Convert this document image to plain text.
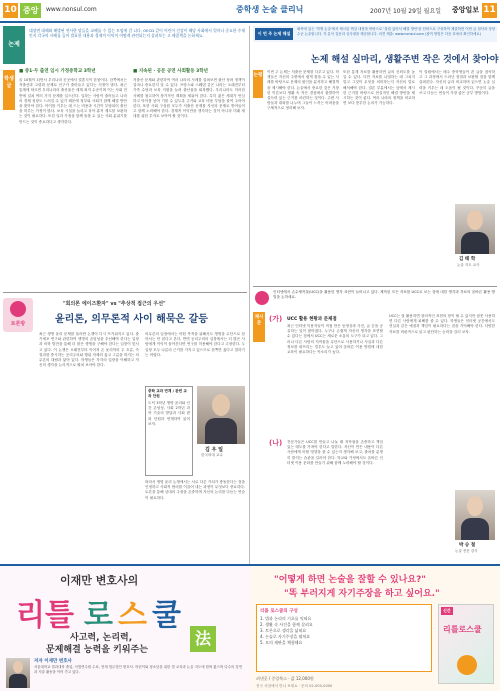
10 중앙	www.nonsul.com	중학생 논술 클리닉	2007년 10월 29일 월요일 중앙일보 11
논제
대장면 대해와 해방된 연사한 말들을 교해를 수 있는 모임에 갈 니다. OECD 같이 어린이 건강이 해당 사회에서 얼마나 중요한 주제인지 각국의 사례를 들어 발표한 내용과 경제적 이익이 어떻게 관련되는지 살펴보는 고 해결책을 논하세요.
학생 글
■ 중1·두 출연 임시 가정중학교 3학년	■ 지속된 · 공문 공연 사회활동 3학년
올 10월이 되면서 우리나라 곳곳에서 결혼식이 한창이다. 한쪽에서는 저출산과 고령화 문제로 인구가 줄어들고 있다는 걱정이 많다. 최근 통계에 따르면 우리나라의 출산율은 세계 최저 수준이며 이는 사회 전반에 걸쳐 여러 가지 문제를 일으킨다. 일하는 사람이 줄어들고 나라의 경제 성장도 느려질 수 있기 때문에 정부와 사회가 함께 해결 방안을 찾아야 한다. 아이를 키우는 데 드는 비용과 시간이 부담되어 출산을 미루는 가정이 많다. 보육 시설을 늘리고 육아 휴직 제도를 보완하는 것이 필요하다. 또한 일과 가정을 함께 돌볼 수 있는 사회 분위기를 만드는 것이 중요하다고 생각한다.
저출산 문제와 관련하여 여러 나라의 사례를 살펴보면 출산 장려 정책이 얼마나 중요한지 알 수 있다. 프랑스와 스웨덴 같은 나라는 오래전부터 가족 수당과 보육 지원을 늘려 출산율을 회복했다. 우리나라도 이러한 사례를 참고하여 장기적인 계획을 세워야 한다. 특히 젊은 세대가 안심하고 아이를 낳아 기를 수 있도록 주거와 교육 비용 부담을 줄여 주어야 한다. 또한 사회 구성원 모두가 저출산 문제를 자신의 문제로 받아들이고 함께 노력해야 한다. 경제적 이익만을 생각하는 것이 아니라 미래 세대를 위한 투자로 보아야 할 것이다.
토론방
"회의론 에이즈환자" vs "추상적 접근의 우선"
윤리론, 의무론적 사이 해묵은 갈등
최근 생명 윤리 문제를 둘러싼 논쟁이 다시 뜨거워지고 있다. 줄기세포 연구와 관련하여 생명의 존엄성을 우선해야 한다는 입장과 의학 발전을 통해 더 많은 생명을 구해야 한다는 입장이 맞서고 있다. 이 논쟁은 오래전부터 이어져 온 윤리학의 두 흐름, 즉 결과를 중시하는 공리주의와 행위 자체의 옳고 그름을 따지는 의무론의 대립과 닮아 있다. 학생들은 각각의 입장을 이해하고 자신의 생각을 논리적으로 펼쳐 보아야 한다.
의무론의 입장에서는 어떤 목적을 위해서도 생명을 수단으로 삼아서는 안 된다고 본다. 반면 공리주의의 입장에서는 더 많은 사람에게 이익이 돌아간다면 연구를 허용해야 한다고 주장한다. 두 입장 모두 나름의 근거를 가지고 있으므로 한쪽만 옳다고 말하기는 어렵다.
중학 교과 연계 / 관련 교과 단원
도덕 3학년 생명 윤리와 인간 존엄성, 사회 2학년 과학 기술의 발달과 사회 변화 단원과 연계하여 읽어 보자.
김 우 일
한국외대 교수
따라서 생명 윤리 논쟁에서는 서로 다른 가치가 충돌한다는 점을 인정하고 사회적 합의를 이끌어 내는 과정이 무엇보다 중요하다. 토론을 통해 상대의 주장을 존중하며 자신의 논리를 다듬는 연습이 필요하다.
이 번 주 논제 해설
좌측에 있는 '학생 논술'에서 제시된 핵심 내용을 바탕으로 '물집 있어서 해결 방안'을 단락으로 구성하여 제출하면 이번 글 첨삭과 상당 수준 논술합니다. 각 분석 질문과 심사평을 제공합니다. 의견 제출: www.nonsul.com (참여 방법은 다음 호에서 확인하세요)
논제 해설 실마리, 생활주변 작은 것에서 찾아야
논평
이번 주 논제는 저출산 문제를 다루고 있다. 학생들은 자신의 주변에서 쉽게 찾을 수 있는 사례를 바탕으로 문제의 원인을 분석하고 해결책을 제시해야 한다. 논술에서 중요한 것은 거창한 이론보다 생활 속 작은 경험에서 출발하여 설득력 있는 근거를 마련하는 것이다. 주변 사람들과 대화를 나누며 그들이 느끼는 어려움을 구체적으로 정리해 보자.
또한 통계 자료를 활용하면 글의 신뢰도를 높일 수 있다. 다만 자료를 나열하는 데 그치지 말고 그것이 무엇을 의미하는지 자신의 말로 해석해야 한다. 결론 부분에서는 앞에서 제시한 근거를 바탕으로 현실적인 해결 방안을 제시하는 것이 좋다. 여러 나라의 정책을 비교하면 보다 풍부한 논의가 가능하다.
이 칼럼에서는 매주 중학생들이 쓴 글을 첨삭하고 그 과정에서 드러난 장점과 보완할 점을 함께 살펴본다. 자신의 글과 비교하며 읽으면 논술 실력을 키우는 데 도움이 될 것이다. 꾸준히 글을 쓰고 다듬는 연습이 가장 좋은 공부 방법이다.
김 태 학
논술 지도 교사
인터넷에서 손수제작물(UCC)을 활용한 생각 표현이 늘어나고 있다. 제작된 모든 자료를 UCC로 보는 것에 대한 생각과 자료의 올바른 활용 방법을 논하세요.
제시문
(가) UCC 활용 현황과 문제점
최근 인터넷 이용자들이 직접 만든 동영상과 사진, 글 등을 공유하는 일이 많아졌다. 누구나 손쉽게 자신의 생각을 표현할 수 있다는 점에서 UCC는 새로운 소통의 도구가 되고 있다. 그러나 다른 사람의 저작물을 무단으로 사용하거나 사실과 다른 정보를 퍼뜨리는 경우도 늘고 있어 올바른 이용 방법에 대한 교육이 필요하다는 목소리가 높다.
(나) 전문가들은 UCC를 만들고 나눌 때 저작권을 존중하고 책임 있는 태도를 가져야 한다고 말한다. 자신이 만든 내용이 다른 사람에게 어떤 영향을 줄 수 있는지 생각해 보고, 출처를 분명히 밝히는 습관을 길러야 한다. 학교와 가정에서도 올바른 인터넷 이용 문화를 만들기 위해 함께 노력해야 할 것이다.
UCC는 잘 활용하면 창의적인 표현의 장이 될 수 있지만 잘못 사용하면 다른 사람에게 피해를 줄 수 있다. 학생들은 인터넷 공간에서도 현실과 같은 예절과 책임이 필요하다는 점을 기억해야 한다. 다양한 자료를 비판적으로 읽고 판단하는 능력을 길러 보자.
박 승 철
논술 전문 강사
이재만 변호사의
리틀 로 스 쿨
사고력, 논리력,
문제해결 능력을 키워주는
法
저자 이재만 변호사
서울대학교 법과대학 졸업, 사법연수원 수료, 현재 법무법인 변호사. 어린이와 청소년을 위한 법 교육과 논술 지도에 힘써 왔으며 다수의 강연과 저술 활동을 이어 가고 있다.
"어떻게 하면 논술을 잘할 수 있나요?"
"똑 부러지게 자기주장을 하고 싶어요."
리틀 로스쿨의 구성
1. 법과 논리의 기초를 익혀요
2. 생활 속 사건을 함께 살펴요
3. 토론으로 생각을 넓혀요
4. 논술로 자기주장을 펼쳐요
5. 모의 재판을 체험해요
펴낸곳 / 중앙북스 · 값 12,000원
신간
리틀로스쿨
전국 서점에서 만나 보세요 · 문의 02-000-0000
